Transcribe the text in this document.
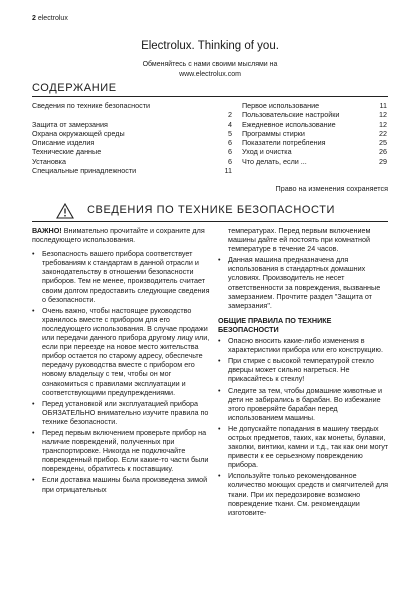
2 electrolux
Electrolux. Thinking of you.
Обменяйтесь с нами своими мыслями на
www.electrolux.com
СОДЕРЖАНИЕ
Сведения по технике безопасности
2
Защита от замерзания	4
Охрана окружающей среды	5
Описание изделия	6
Технические данные	6
Установка	6
Специальные принадлежности	11
Первое использование	11
Пользовательские настройки	12
Ежедневное использование	12
Программы стирки	22
Показатели потребления	25
Уход и очистка	26
Что делать, если ...	29
Право на изменения сохраняется
СВЕДЕНИЯ ПО ТЕХНИКЕ БЕЗОПАСНОСТИ

ВАЖНО! Внимательно прочитайте и сохраните для последующего использования.

• Безопасность вашего прибора соответствует требованиям к стандартам в данной отрасли и законодательству в отношении безопасности приборов. Тем не менее, производитель считает своим долгом предоставить следующие сведения о безопасности.
• Очень важно, чтобы настоящее руководство хранилось вместе с прибором для его последующего использования. В случае продажи или передачи данного прибора другому лицу или, если при переезде на новое место жительства прибор остается по старому адресу, обеспечьте передачу руководства вместе с прибором его новому владельцу с тем, чтобы он мог ознакомиться с правилами эксплуатации и соответствующими предупреждениями.
• Перед установкой или эксплуатацией прибора ОБЯЗАТЕЛЬНО внимательно изучите правила по технике безопасности.
• Перед первым включением проверьте прибор на наличие повреждений, полученных при транспортировке. Никогда не подключайте поврежденный прибор. Если какие-то части были повреждены, обратитесь к поставщику.
• Если доставка машины была произведена зимой при отрицательных
температурах. Перед первым включением машины дайте ей постоять при комнатной температуре в течение 24 часов.
• Данная машина предназначена для использования в стандартных домашних условиях. Производитель не несет ответственности за повреждения, вызванные замерзанием. Прочтите раздел "Защита от замерзания".
ОБЩИЕ ПРАВИЛА ПО ТЕХНИКЕ БЕЗОПАСНОСТИ
• Опасно вносить какие-либо изменения в характеристики прибора или его конструкцию.
• При стирке с высокой температурой стекло дверцы может сильно нагреться. Не прикасайтесь к стеклу!
• Следите за тем, чтобы домашние животные и дети не забирались в барабан. Во избежание этого проверяйте барабан перед использованием машины.
• Не допускайте попадания в машину твердых острых предметов, таких, как монеты, булавки, заколки, винтики, камни и т.д., так как они могут привести к ее серьезному повреждению прибора.
• Используйте только рекомендованное количество моющих средств и смягчителей для ткани. При их передозировке возможно повреждение ткани. См. рекомендации изготовите-
